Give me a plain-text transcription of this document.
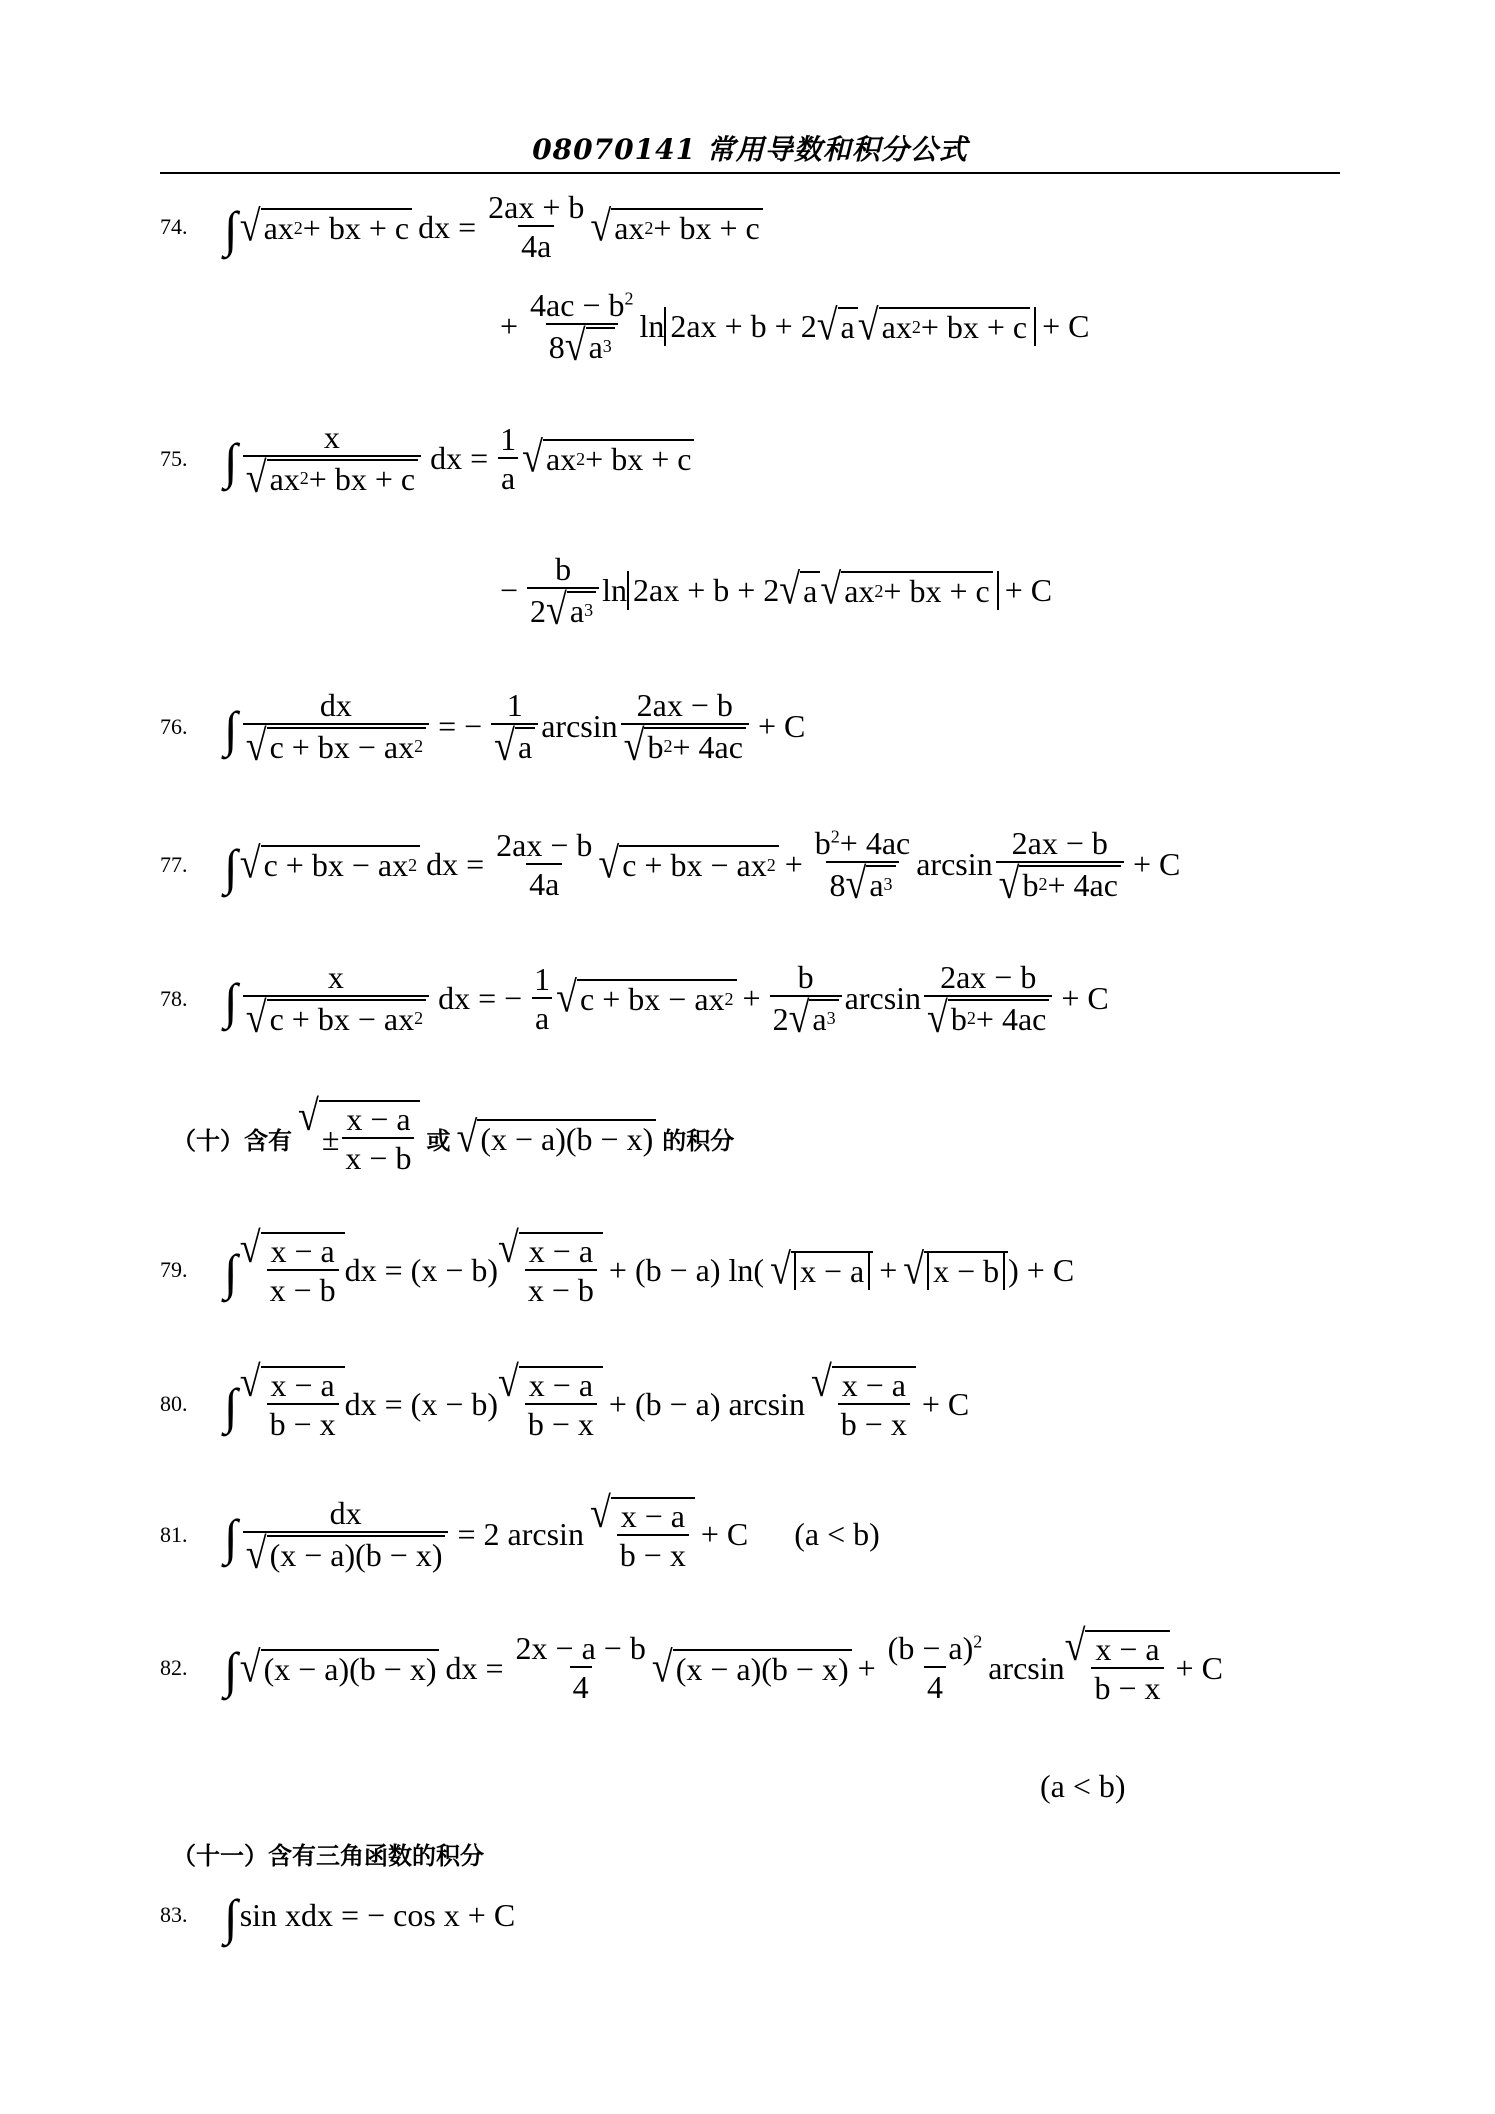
08070141 常用导数和积分公式
74. ∫ √ ax 2 + bx + c dx = $\frac{2ax + b}{4a}$ √ ax 2 + bx + c
+ $\frac{4ac - b^2}{8 √ a 3}$ ln 2ax + b + 2 √ a √ ax 2 + bx + c + C
75. ∫ $\frac{x}{√ ax 2 + bx + c}$ dx = $\frac{1}{a}$ √ ax 2 + bx + c
− $\frac{b}{2 √ a 3}$ ln 2ax + b + 2 √ a √ ax 2 + bx + c + C
76. ∫ $\frac{dx}{√ c + bx - ax 2}$ = − $\frac{1}{√ a}$ $\arcsin \frac{2ax - b}{√ b 2 + 4ac} + C$
77. ∫ √ c + bx − ax 2 dx = $\frac{2ax - b}{4a}$ √ c + bx − ax $2 + \frac{b^2+ 4ac}{8 √ a 3}$ $\arcsin \frac{2ax - b}{√ b 2 + 4ac} + C$
78. ∫ $\frac{x}{√ c + bx - ax 2}$ dx = − $\frac{1}{a}$ √ c + bx − ax $2 + \frac{b}{2 √ a 3}$ $\arcsin \frac{2ax - b}{√ b 2 + 4ac} + C$
（十）含有
√ ± $\frac{x - a}{x - b}$ 或 √ (x − a)(b − x) 的积分
79. ∫ √ $\frac{x - a}{x - b}$ dx = (x − b) √ $\frac{x - a}{x - b} + (b - a)$ ln( √ x − a + √ x − b ) + C
80. ∫ √ $\frac{x - a}{b - x}$ dx = (x − b) √ $\frac{x - a}{b - x} + (b - a)$ arcsin √ $\frac{x - a}{b - x} + C$
81. ∫ $\frac{dx}{√ (x - a)(b - x)} = 2$ arcsin √ $\frac{x - a}{b - x} + C$ (a < b)
82. ∫ √ (x − a)(b − x) dx = $\frac{2x - a - b}{4}$ √ $(x - a)(b - x) + \frac{(b - a)^2}{4}$ arcsin √ $\frac{x - a}{b - x} + C$
(a < b)
（十一）含有三角函数的积分
83. ∫ sin xdx = − cos x + C
